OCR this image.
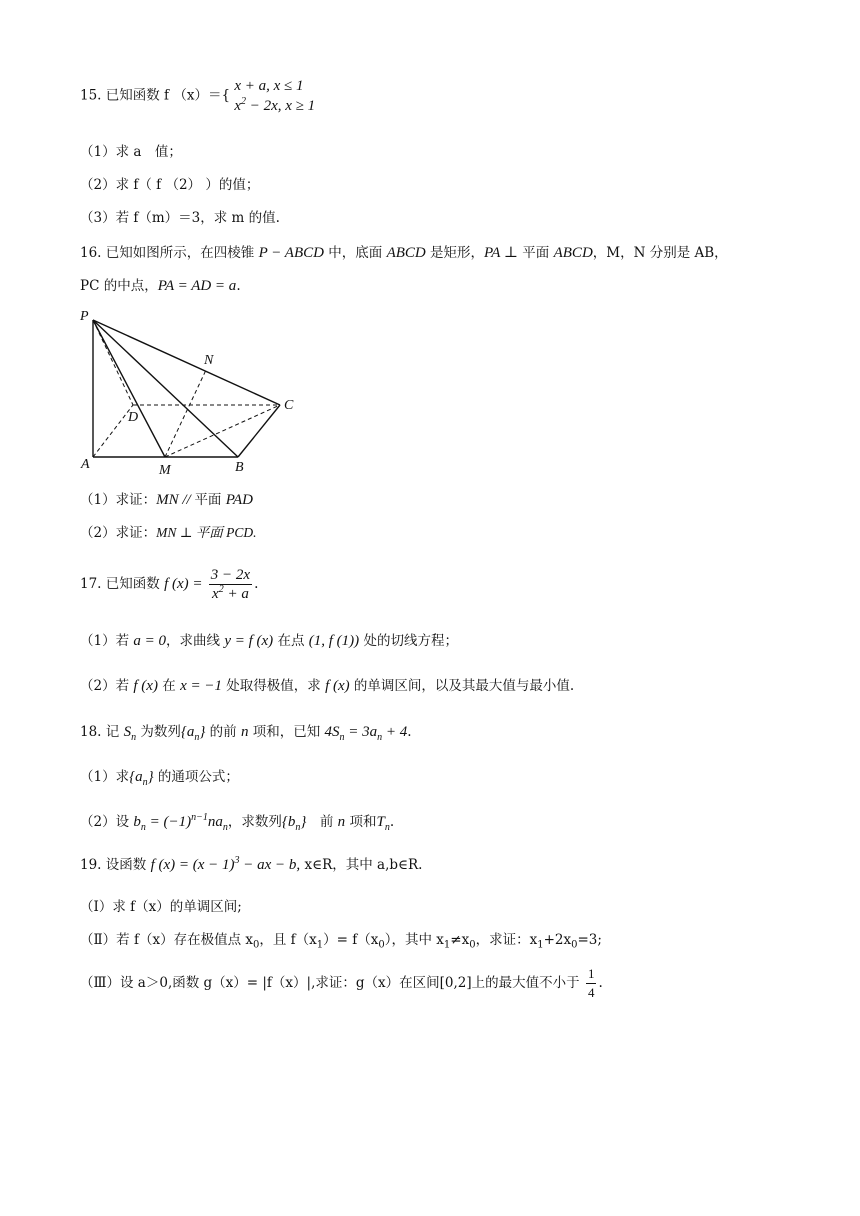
15. 已知函数 f （x）＝{
x + a, x ≤ 1
$x^2 - 2x$, x ≥ 1
（1）求 a　值；
（2）求 f（ f （2） ）的值；
（3）若 f（m）＝3，求 m 的值.
16. 已知如图所示，在四棱锥 P − ABCD 中，底面 ABCD 是矩形，PA ⊥ 平面 ABCD，M，N 分别是 AB，
PC 的中点，PA = AD = a.
P
N
C
D
A	M	B
（1）求证：MN // 平面 PAD
（2）求证：MN ⊥ 平面 PCD.
17. 已知函数 f $(x) = \frac{3 - 2x}{x^2 + a}$ .
（1）若 a = 0，求曲线 y = f (x) 在点 (1, f (1)) 处的切线方程；
（2）若 f (x) 在 x = −1 处取得极值，求 f (x) 的单调区间，以及其最大值与最小值.
18. 记 $S_n$ 为数列$\{a_n\}$ 的前 n 项和，已知 $4S_n = 3a_n + 4$.
（1）求$\{a_n\}$ 的通项公式；
（2）设 $b_n = (-1)^{n-1}na_n$，求数列$\{b_n\}$　前 n 项和$T_n$.
19. 设函数 f $(x) = (x - 1)^3$ − ax − b, x∈R，其中 a,b∈R.
（Ⅰ）求 f（x）的单调区间;
（Ⅱ）若 f（x）存在极值点 $x_0$，且 $f(x_1)= f(x_0)$，其中 $x_1\ne x_0$，求证：$x_1+2x_0=3$;
（Ⅲ）设 a＞0,函数 g（x）= |f（x）|,求证：g（x）在区间[0,2]上的最大值不小于 $\frac{1}{4}$ .
